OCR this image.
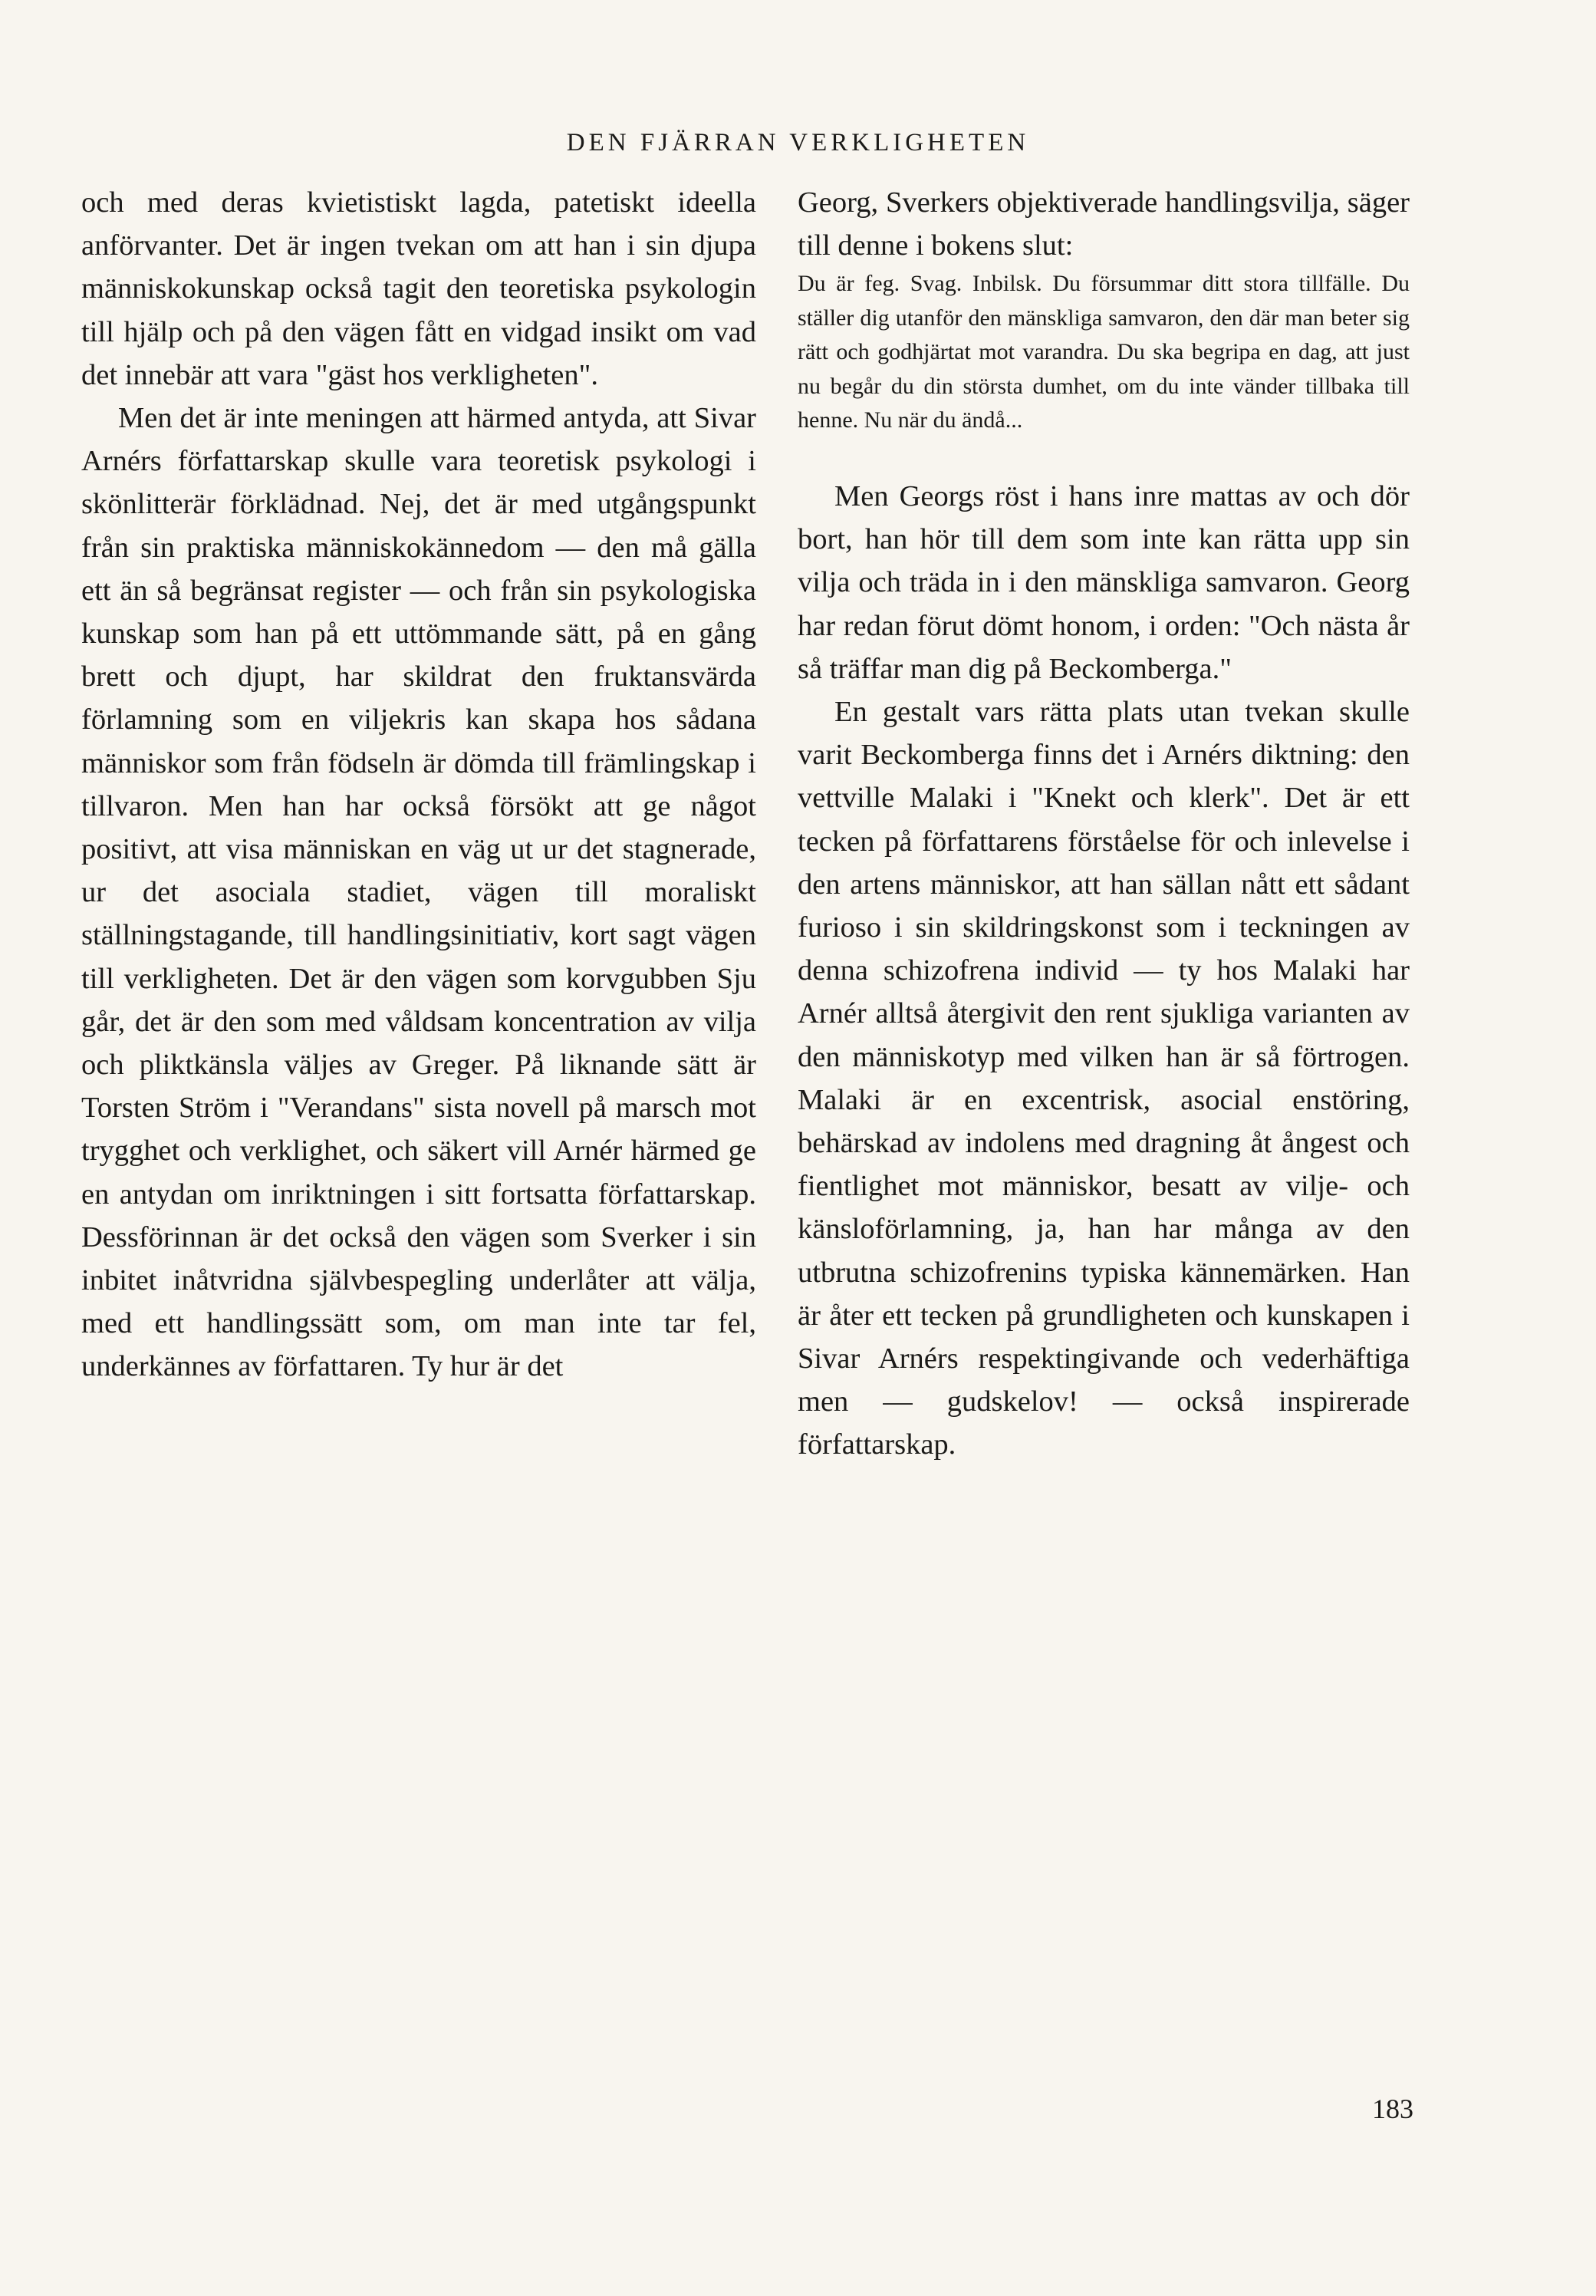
DEN FJÄRRAN VERKLIGHETEN

och med deras kvietistiskt lagda, patetiskt ideella anförvanter. Det är ingen tvekan om att han i sin djupa människokunskap också tagit den teoretiska psykologin till hjälp och på den vägen fått en vidgad insikt om vad det innebär att vara "gäst hos verkligheten".

Men det är inte meningen att härmed antyda, att Sivar Arnérs författarskap skulle vara teoretisk psykologi i skönlitterär förklädnad. Nej, det är med utgångspunkt från sin praktiska människokännedom — den må gälla ett än så begränsat register — och från sin psykologiska kunskap som han på ett uttömmande sätt, på en gång brett och djupt, har skildrat den fruktansvärda förlamning som en viljekris kan skapa hos sådana människor som från födseln är dömda till främlingskap i tillvaron. Men han har också försökt att ge något positivt, att visa människan en väg ut ur det stagnerade, ur det asociala stadiet, vägen till moraliskt ställningstagande, till handlingsinitiativ, kort sagt vägen till verkligheten. Det är den vägen som korvgubben Sju går, det är den som med våldsam koncentration av vilja och pliktkänsla väljes av Greger. På liknande sätt är Torsten Ström i "Verandans" sista novell på marsch mot trygghet och verklighet, och säkert vill Arnér härmed ge en antydan om inriktningen i sitt fortsatta författarskap. Dessförinnan är det också den vägen som Sverker i sin inbitet inåtvridna självbespegling underlåter att välja, med ett handlingssätt som, om man inte tar fel, underkännes av författaren. Ty hur är det

Georg, Sverkers objektiverade handlingsvilja, säger till denne i bokens slut:

Du är feg. Svag. Inbilsk. Du försummar ditt stora tillfälle. Du ställer dig utanför den mänskliga samvaron, den där man beter sig rätt och godhjärtat mot varandra. Du ska begripa en dag, att just nu begår du din största dumhet, om du inte vänder tillbaka till henne. Nu när du ändå...

Men Georgs röst i hans inre mattas av och dör bort, han hör till dem som inte kan rätta upp sin vilja och träda in i den mänskliga samvaron. Georg har redan förut dömt honom, i orden: "Och nästa år så träffar man dig på Beckomberga."

En gestalt vars rätta plats utan tvekan skulle varit Beckomberga finns det i Arnérs diktning: den vettville Malaki i "Knekt och klerk". Det är ett tecken på författarens förståelse för och inlevelse i den artens människor, att han sällan nått ett sådant furioso i sin skildringskonst som i teckningen av denna schizofrena individ — ty hos Malaki har Arnér alltså återgivit den rent sjukliga varianten av den människotyp med vilken han är så förtrogen. Malaki är en excentrisk, asocial enstöring, behärskad av indolens med dragning åt ångest och fientlighet mot människor, besatt av vilje- och känsloförlamning, ja, han har många av den utbrutna schizofrenins typiska kännemärken. Han är åter ett tecken på grundligheten och kunskapen i Sivar Arnérs respektingivande och vederhäftiga men — gudskelov! — också inspirerade författarskap.

183
